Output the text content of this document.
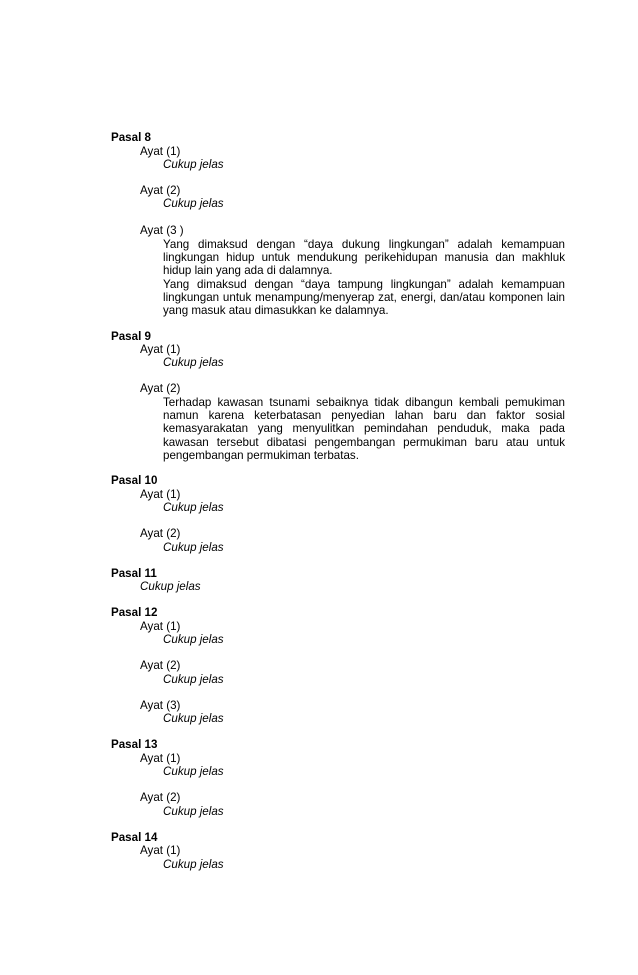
Pasal 8
Ayat (1)
Cukup jelas
Ayat (2)
Cukup jelas
Ayat (3 )

Yang dimaksud dengan “daya dukung lingkungan” adalah kemampuan lingkungan hidup untuk mendukung perikehidupan manusia dan makhluk hidup lain yang ada di dalamnya.

Yang dimaksud dengan “daya tampung lingkungan” adalah kemampuan lingkungan untuk menampung/menyerap zat, energi, dan/atau komponen lain yang masuk atau dimasukkan ke dalamnya.

Pasal 9
Ayat (1)
Cukup jelas
Ayat (2)

Terhadap kawasan tsunami sebaiknya tidak dibangun kembali pemukiman namun karena keterbatasan penyedian lahan baru dan faktor sosial kemasyarakatan yang menyulitkan pemindahan penduduk, maka pada kawasan tersebut dibatasi pengembangan permukiman baru atau untuk pengembangan permukiman terbatas.

Pasal 10
Ayat (1)
Cukup jelas
Ayat (2)
Cukup jelas
Pasal 11
Cukup jelas
Pasal 12
Ayat (1)
Cukup jelas
Ayat (2)
Cukup jelas
Ayat (3)
Cukup jelas
Pasal 13
Ayat (1)
Cukup jelas
Ayat (2)
Cukup jelas
Pasal 14
Ayat (1)
Cukup jelas
